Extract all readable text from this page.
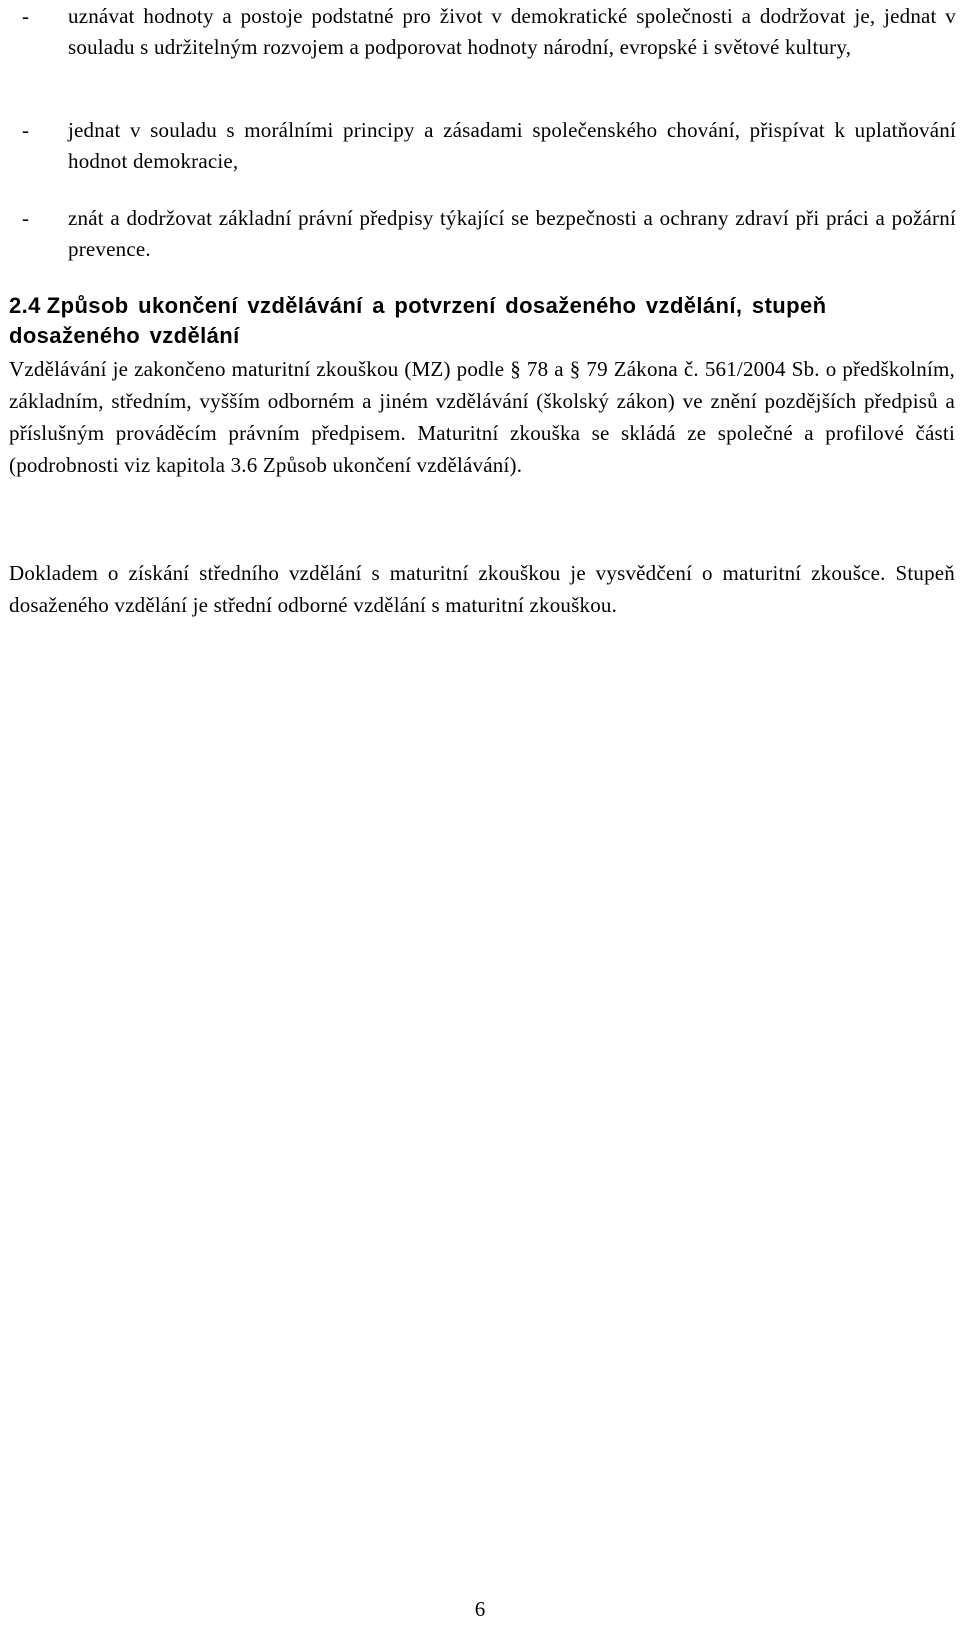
- uznávat hodnoty a postoje podstatné pro život v demokratické společnosti a dodržovat je, jednat v souladu s udržitelným rozvojem a podporovat hodnoty národní, evropské i světové kultury,
- jednat v souladu s morálními principy a zásadami společenského chování, přispívat k uplatňování hodnot demokracie,
- znát a dodržovat základní právní předpisy týkající se bezpečnosti a ochrany zdraví při práci a požární prevence.
2.4 Způsob ukončení vzdělávání a potvrzení dosaženého vzdělání, stupeň dosaženého vzdělání

Vzdělávání je zakončeno maturitní zkouškou (MZ) podle § 78 a § 79 Zákona č. 561/2004 Sb. o předškolním, základním, středním, vyšším odborném a jiném vzdělávání (školský zákon) ve znění pozdějších předpisů a příslušným prováděcím právním předpisem. Maturitní zkouška se skládá ze společné a profilové části (podrobnosti viz kapitola 3.6 Způsob ukončení vzdělávání).

Dokladem o získání středního vzdělání s maturitní zkouškou je vysvědčení o maturitní zkoušce. Stupeň dosaženého vzdělání je střední odborné vzdělání s maturitní zkouškou.

6
